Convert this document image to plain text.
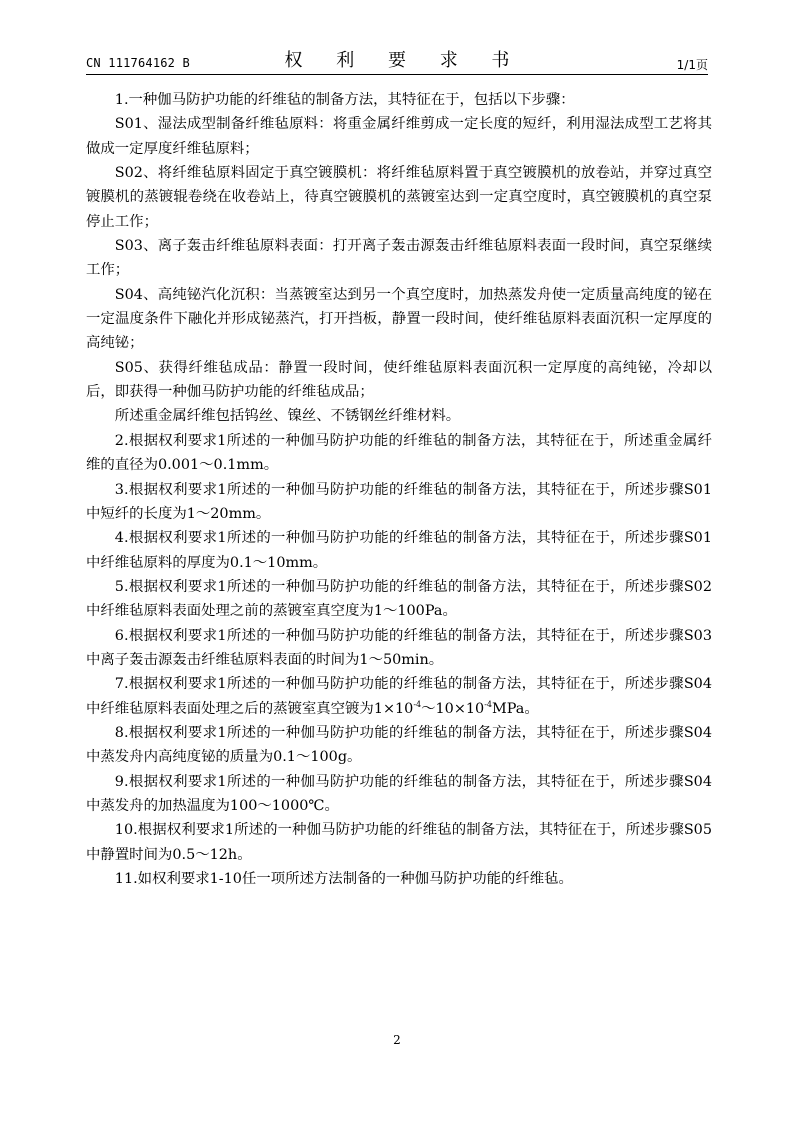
CN 111764162 B	权 利 要 求 书	1/1页

1.一种伽马防护功能的纤维毡的制备方法，其特征在于，包括以下步骤：

S01、湿法成型制备纤维毡原料：将重金属纤维剪成一定长度的短纤，利用湿法成型工艺将其做成一定厚度纤维毡原料；

S02、将纤维毡原料固定于真空镀膜机：将纤维毡原料置于真空镀膜机的放卷站，并穿过真空镀膜机的蒸镀辊卷绕在收卷站上，待真空镀膜机的蒸镀室达到一定真空度时，真空镀膜机的真空泵停止工作；

S03、离子轰击纤维毡原料表面：打开离子轰击源轰击纤维毡原料表面一段时间，真空泵继续工作；

S04、高纯铋汽化沉积：当蒸镀室达到另一个真空度时，加热蒸发舟使一定质量高纯度的铋在一定温度条件下融化并形成铋蒸汽，打开挡板，静置一段时间，使纤维毡原料表面沉积一定厚度的高纯铋；

S05、获得纤维毡成品：静置一段时间，使纤维毡原料表面沉积一定厚度的高纯铋，冷却以后，即获得一种伽马防护功能的纤维毡成品；

所述重金属纤维包括钨丝、镍丝、不锈钢丝纤维材料。

2.根据权利要求1所述的一种伽马防护功能的纤维毡的制备方法，其特征在于，所述重金属纤维的直径为0.001～0.1mm。

3.根据权利要求1所述的一种伽马防护功能的纤维毡的制备方法，其特征在于，所述步骤S01中短纤的长度为1～20mm。

4.根据权利要求1所述的一种伽马防护功能的纤维毡的制备方法，其特征在于，所述步骤S01中纤维毡原料的厚度为0.1～10mm。

5.根据权利要求1所述的一种伽马防护功能的纤维毡的制备方法，其特征在于，所述步骤S02中纤维毡原料表面处理之前的蒸镀室真空度为1～100Pa。

6.根据权利要求1所述的一种伽马防护功能的纤维毡的制备方法，其特征在于，所述步骤S03中离子轰击源轰击纤维毡原料表面的时间为1～50min。

7.根据权利要求1所述的一种伽马防护功能的纤维毡的制备方法，其特征在于，所述步骤S04中纤维毡原料表面处理之后的蒸镀室真空镀为$1\times 10^{-4}\sim 10\times 10^{-4}MPa$。

8.根据权利要求1所述的一种伽马防护功能的纤维毡的制备方法，其特征在于，所述步骤S04中蒸发舟内高纯度铋的质量为0.1～100g。

9.根据权利要求1所述的一种伽马防护功能的纤维毡的制备方法，其特征在于，所述步骤S04中蒸发舟的加热温度为100～1000℃。

10.根据权利要求1所述的一种伽马防护功能的纤维毡的制备方法，其特征在于，所述步骤S05中静置时间为0.5～12h。

11.如权利要求1-10任一项所述方法制备的一种伽马防护功能的纤维毡。

2
